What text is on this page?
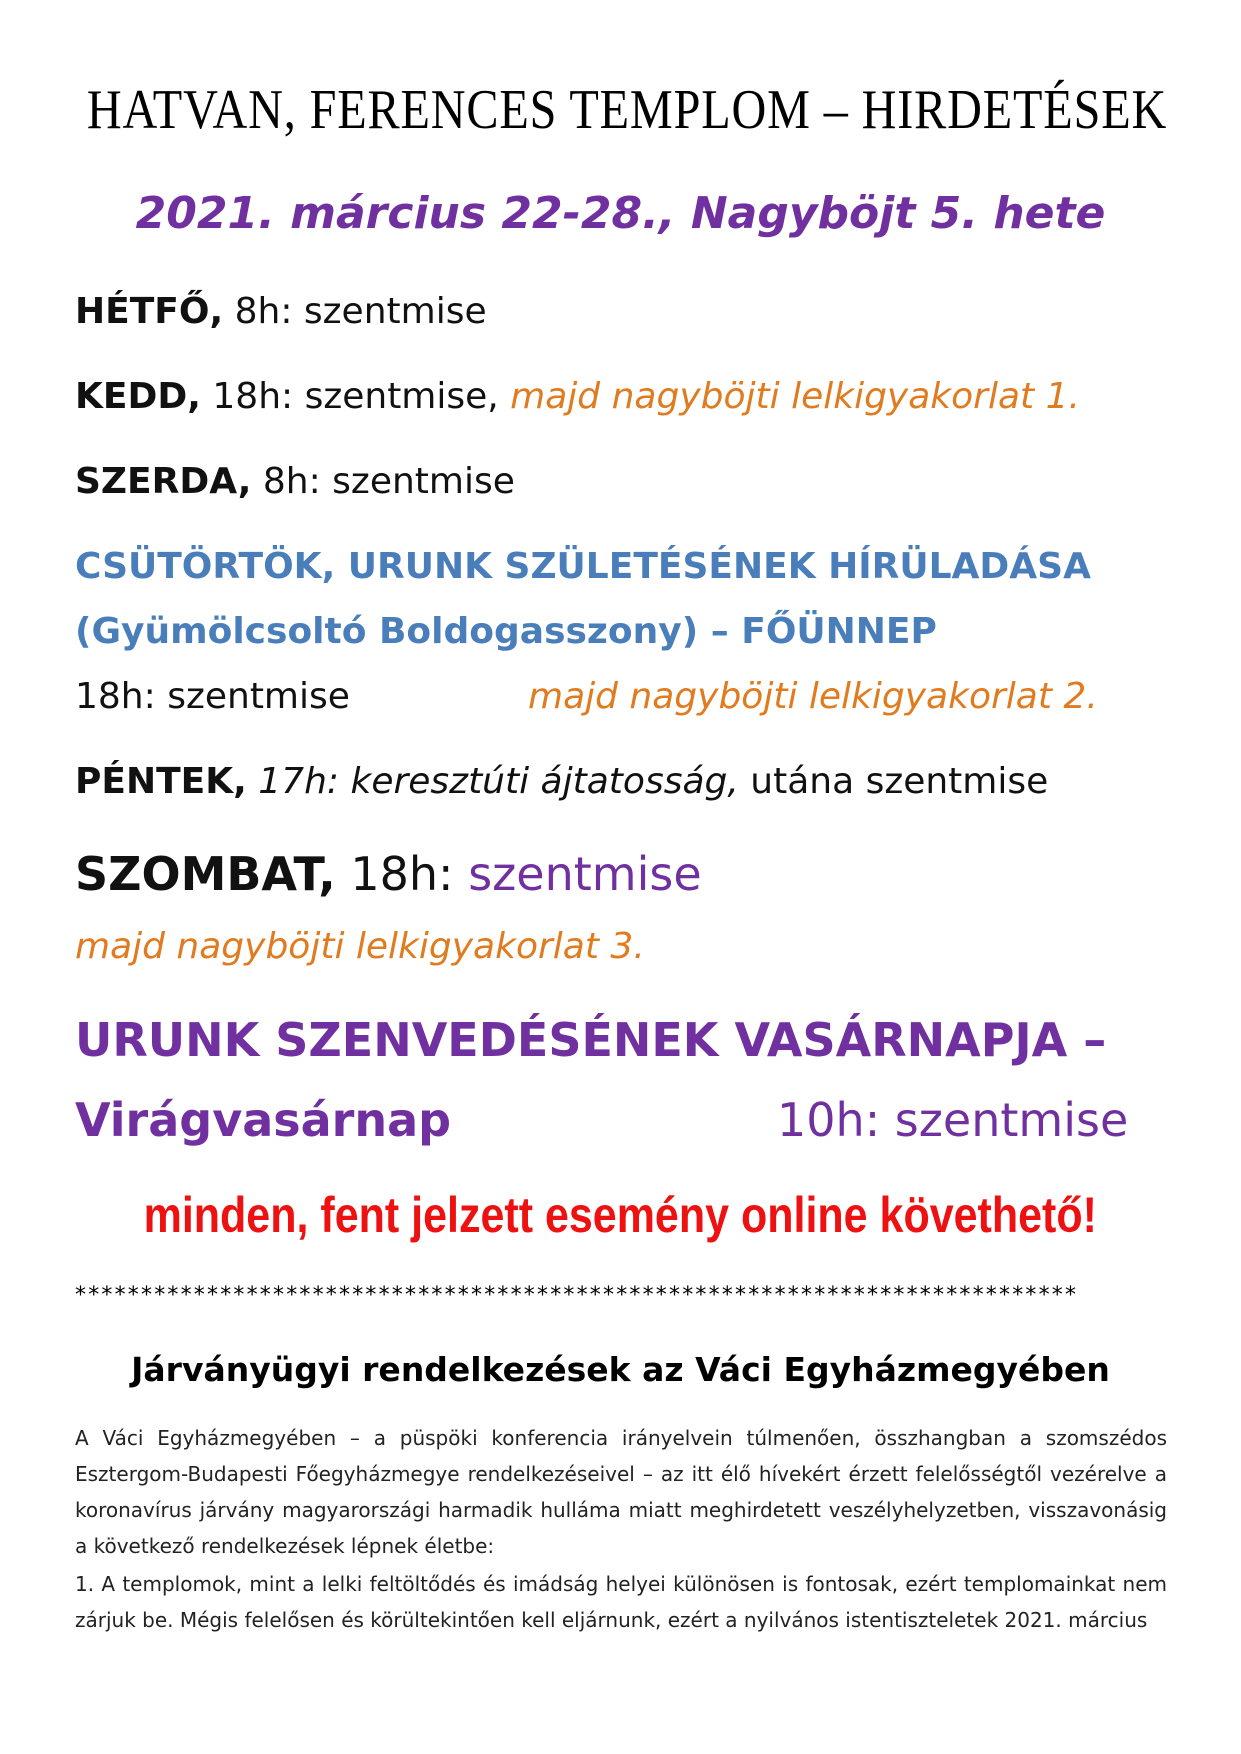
HATVAN, FERENCES TEMPLOM – HIRDETÉSEK
2021. március 22-28., Nagyböjt 5. hete
HÉTFŐ, 8h: szentmise
KEDD, 18h: szentmise, majd nagyböjti lelkigyakorlat 1.
SZERDA, 8h: szentmise
CSÜTÖRTÖK, URUNK SZÜLETÉSÉNEK HÍRÜLADÁSA
(Gyümölcsoltó Boldogasszony) – FŐÜNNEP
18h: szentmise	majd nagyböjti lelkigyakorlat 2.
PÉNTEK, 17h: keresztúti ájtatosság, utána szentmise
SZOMBAT, 18h: szentmise
majd nagyböjti lelkigyakorlat 3.
URUNK SZENVEDÉSÉNEK VASÁRNAPJA –
Virágvasárnap	10h: szentmise
minden, fent jelzett esemény online követhető!
****************************************************************************
Járványügyi rendelkezések az Váci Egyházmegyében
A Váci Egyházmegyében – a püspöki konferencia irányelvein túlmenően, összhangban a szomszédos Esztergom-Budapesti Főegyházmegye rendelkezéseivel – az itt élő hívekért érzett felelősségtől vezérelve a koronavírus járvány magyarországi harmadik hulláma miatt meghirdetett veszélyhelyzetben, visszavonásig a következő rendelkezések lépnek életbe:
1. A templomok, mint a lelki feltöltődés és imádság helyei különösen is fontosak, ezért templomainkat nem zárjuk be. Mégis felelősen és körültekintően kell eljárnunk, ezért a nyilvános istentiszteletek 2021. március
